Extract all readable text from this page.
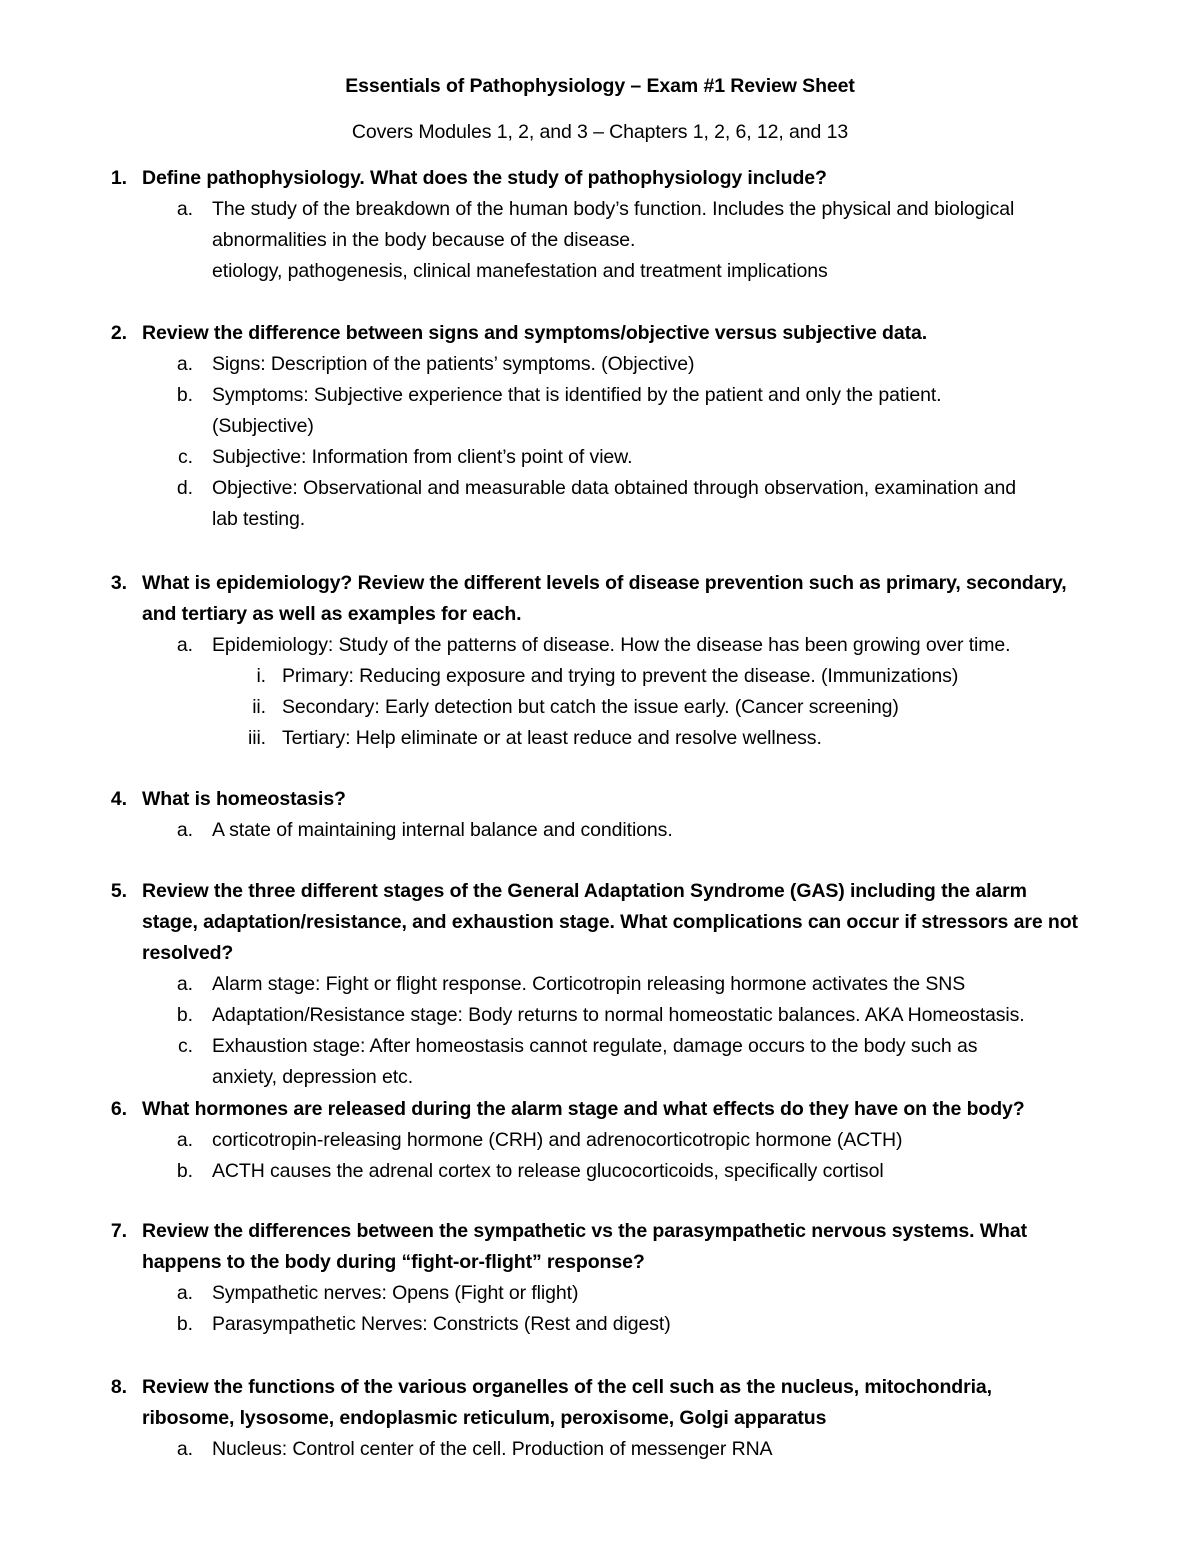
Essentials of Pathophysiology – Exam #1 Review Sheet
Covers Modules 1, 2, and 3 – Chapters 1, 2, 6, 12, and 13
1. Define pathophysiology. What does the study of pathophysiology include?
a. The study of the breakdown of the human body’s function. Includes the physical and biological
abnormalities in the body because of the disease.
etiology, pathogenesis, clinical manefestation and treatment implications
2. Review the difference between signs and symptoms/objective versus subjective data.
a. Signs: Description of the patients’ symptoms. (Objective)
b. Symptoms: Subjective experience that is identified by the patient and only the patient.
(Subjective)
c. Subjective: Information from client’s point of view.
d. Objective: Observational and measurable data obtained through observation, examination and
lab testing.
3. What is epidemiology? Review the different levels of disease prevention such as primary, secondary,
and tertiary as well as examples for each.
a. Epidemiology: Study of the patterns of disease. How the disease has been growing over time.
i. Primary: Reducing exposure and trying to prevent the disease. (Immunizations)
ii. Secondary: Early detection but catch the issue early. (Cancer screening)
iii. Tertiary: Help eliminate or at least reduce and resolve wellness.
4. What is homeostasis?
a. A state of maintaining internal balance and conditions.
5. Review the three different stages of the General Adaptation Syndrome (GAS) including the alarm
stage, adaptation/resistance, and exhaustion stage. What complications can occur if stressors are not
resolved?
a. Alarm stage: Fight or flight response. Corticotropin releasing hormone activates the SNS
b. Adaptation/Resistance stage: Body returns to normal homeostatic balances. AKA Homeostasis.
c. Exhaustion stage: After homeostasis cannot regulate, damage occurs to the body such as
anxiety, depression etc.
6. What hormones are released during the alarm stage and what effects do they have on the body?
a. corticotropin-releasing hormone (CRH) and adrenocorticotropic hormone (ACTH)
b. ACTH causes the adrenal cortex to release glucocorticoids, specifically cortisol
7. Review the differences between the sympathetic vs the parasympathetic nervous systems. What
happens to the body during “fight-or-flight” response?
a. Sympathetic nerves: Opens (Fight or flight)
b. Parasympathetic Nerves: Constricts (Rest and digest)
8. Review the functions of the various organelles of the cell such as the nucleus, mitochondria,
ribosome, lysosome, endoplasmic reticulum, peroxisome, Golgi apparatus
a. Nucleus: Control center of the cell. Production of messenger RNA
